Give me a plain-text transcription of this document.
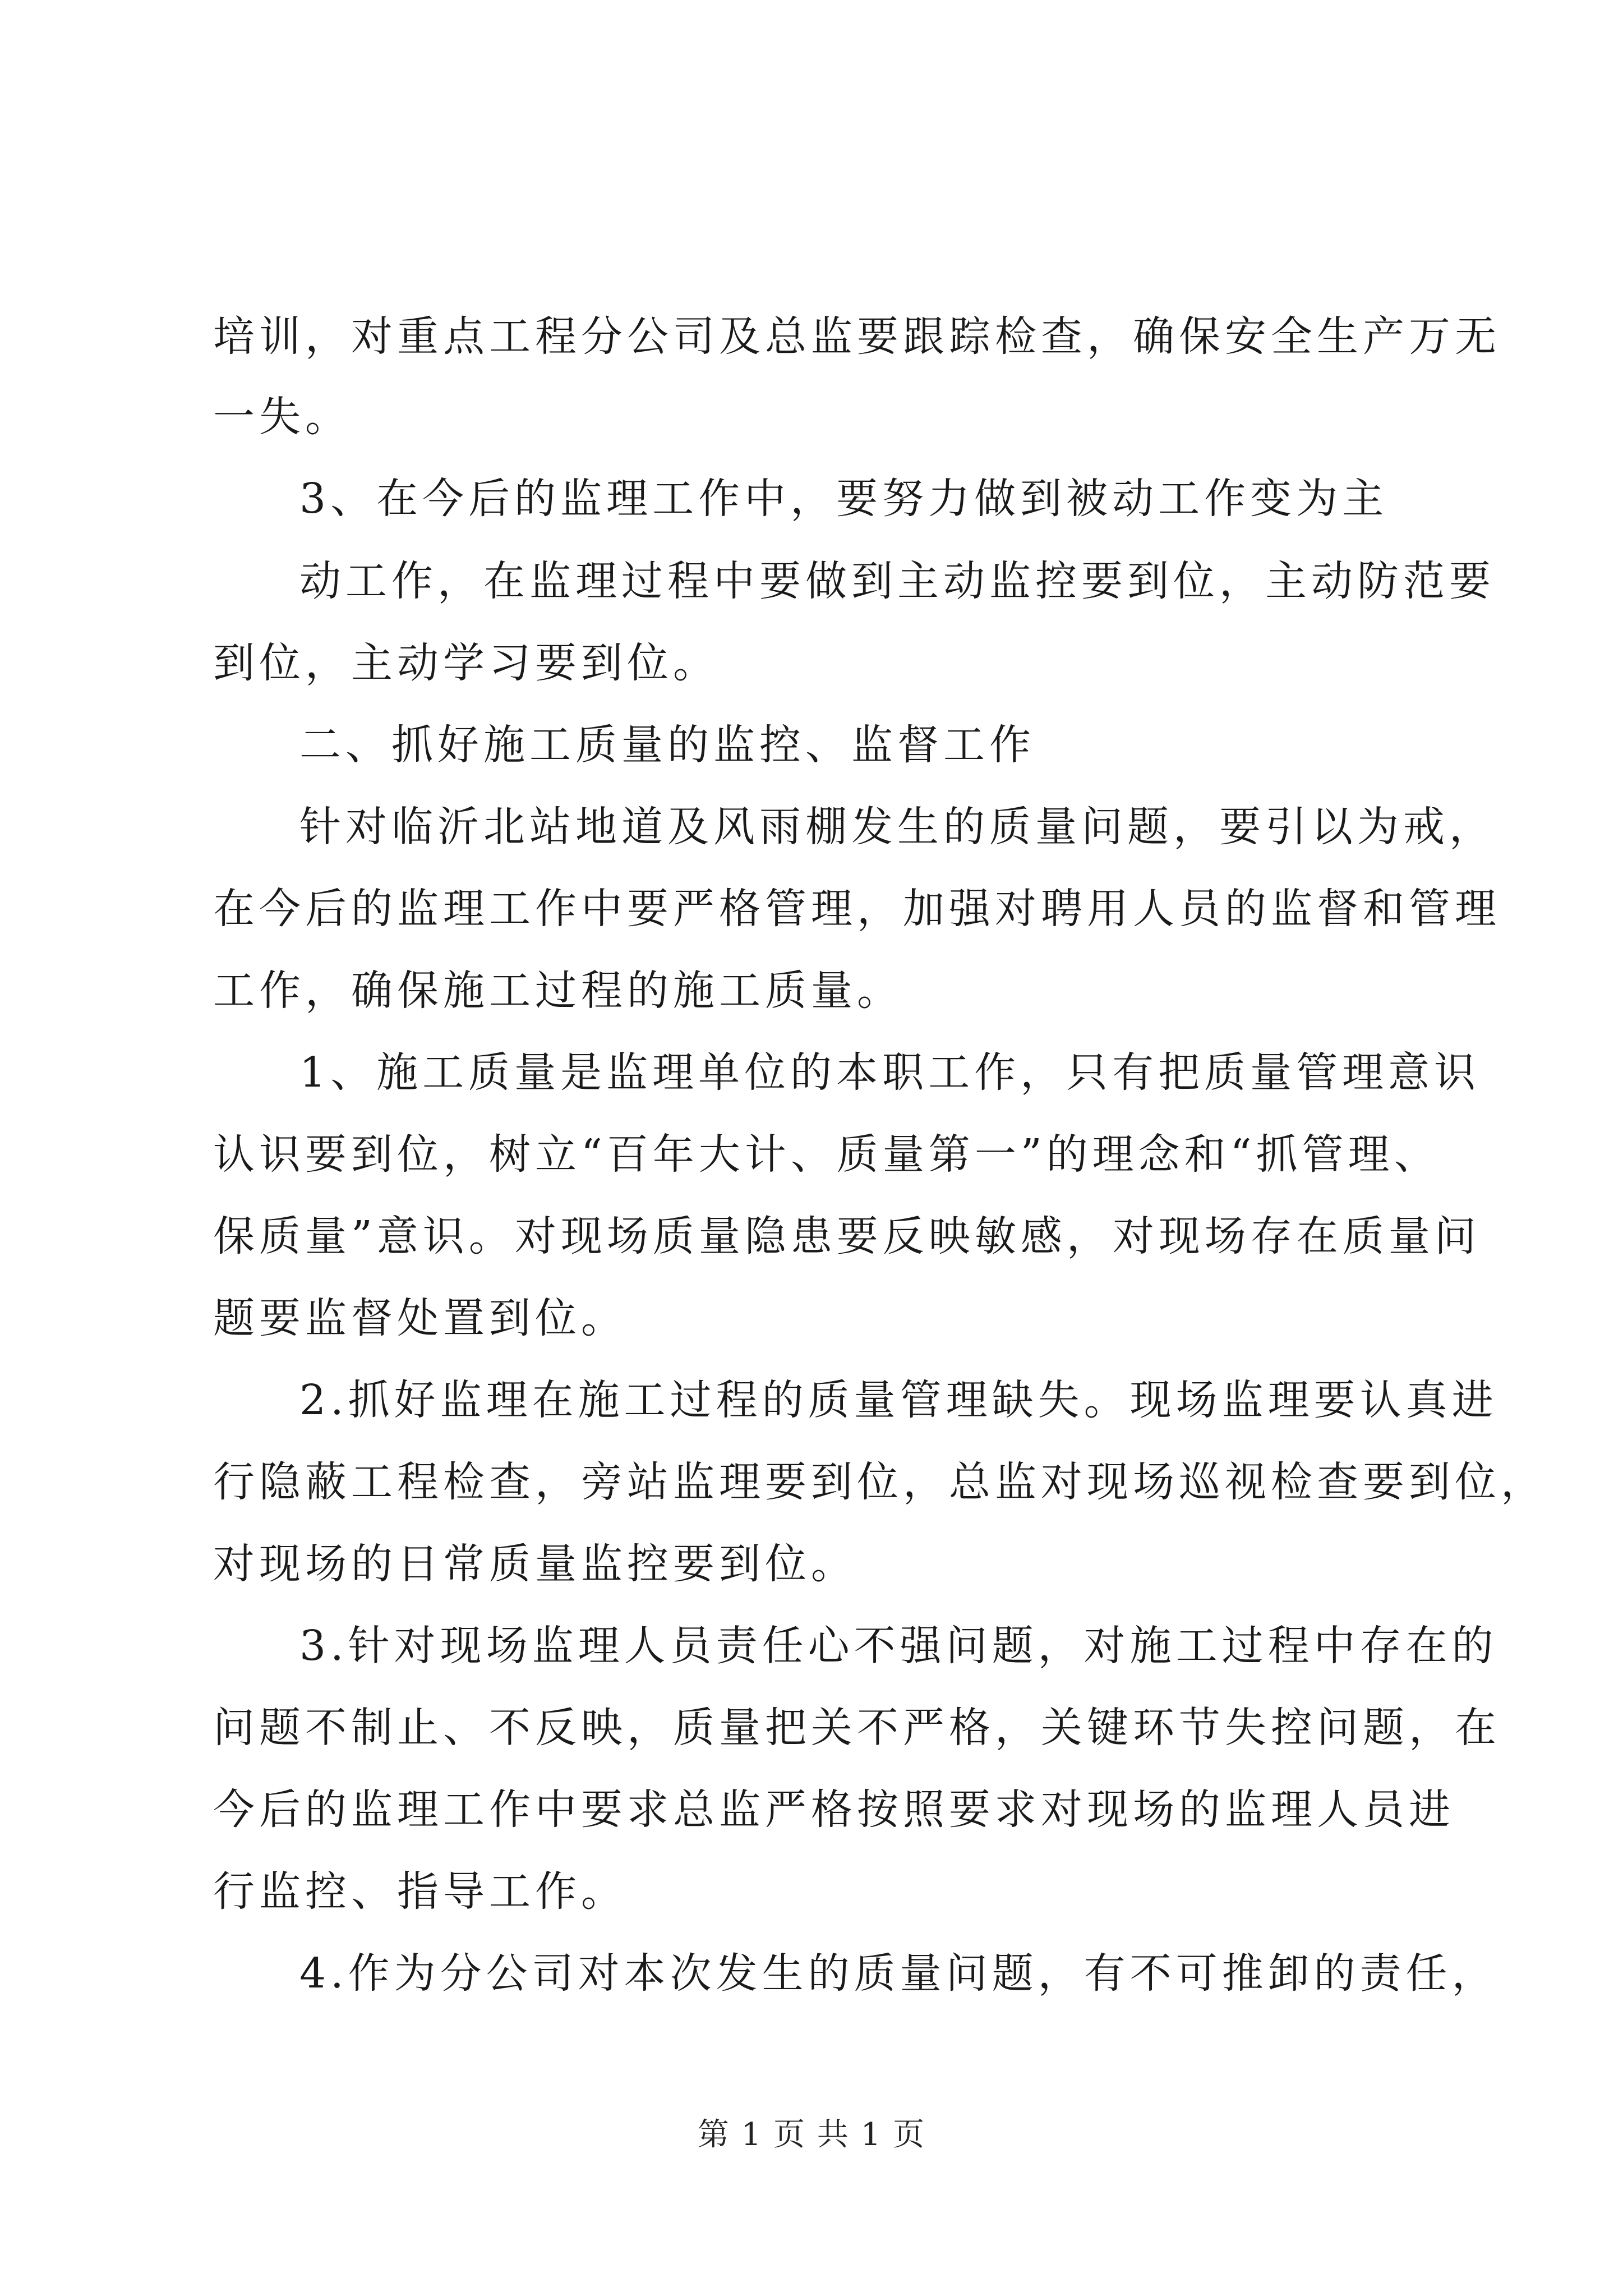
培训，对重点工程分公司及总监要跟踪检查，确保安全生产万无
一失。
3、在今后的监理工作中，要努力做到被动工作变为主
动工作，在监理过程中要做到主动监控要到位，主动防范要
到位，主动学习要到位。
二、抓好施工质量的监控、监督工作
针对临沂北站地道及风雨棚发生的质量问题，要引以为戒，
在今后的监理工作中要严格管理，加强对聘用人员的监督和管理
工作，确保施工过程的施工质量。
1、施工质量是监理单位的本职工作，只有把质量管理意识
认识要到位，树立“百年大计、质量第一”的理念和“抓管理、
保质量”意识。对现场质量隐患要反映敏感，对现场存在质量问
题要监督处置到位。
2.抓好监理在施工过程的质量管理缺失。现场监理要认真进
行隐蔽工程检查，旁站监理要到位，总监对现场巡视检查要到位，
对现场的日常质量监控要到位。
3.针对现场监理人员责任心不强问题，对施工过程中存在的
问题不制止、不反映，质量把关不严格，关键环节失控问题，在
今后的监理工作中要求总监严格按照要求对现场的监理人员进
行监控、指导工作。
4.作为分公司对本次发生的质量问题，有不可推卸的责任，
第 1 页 共 1 页
